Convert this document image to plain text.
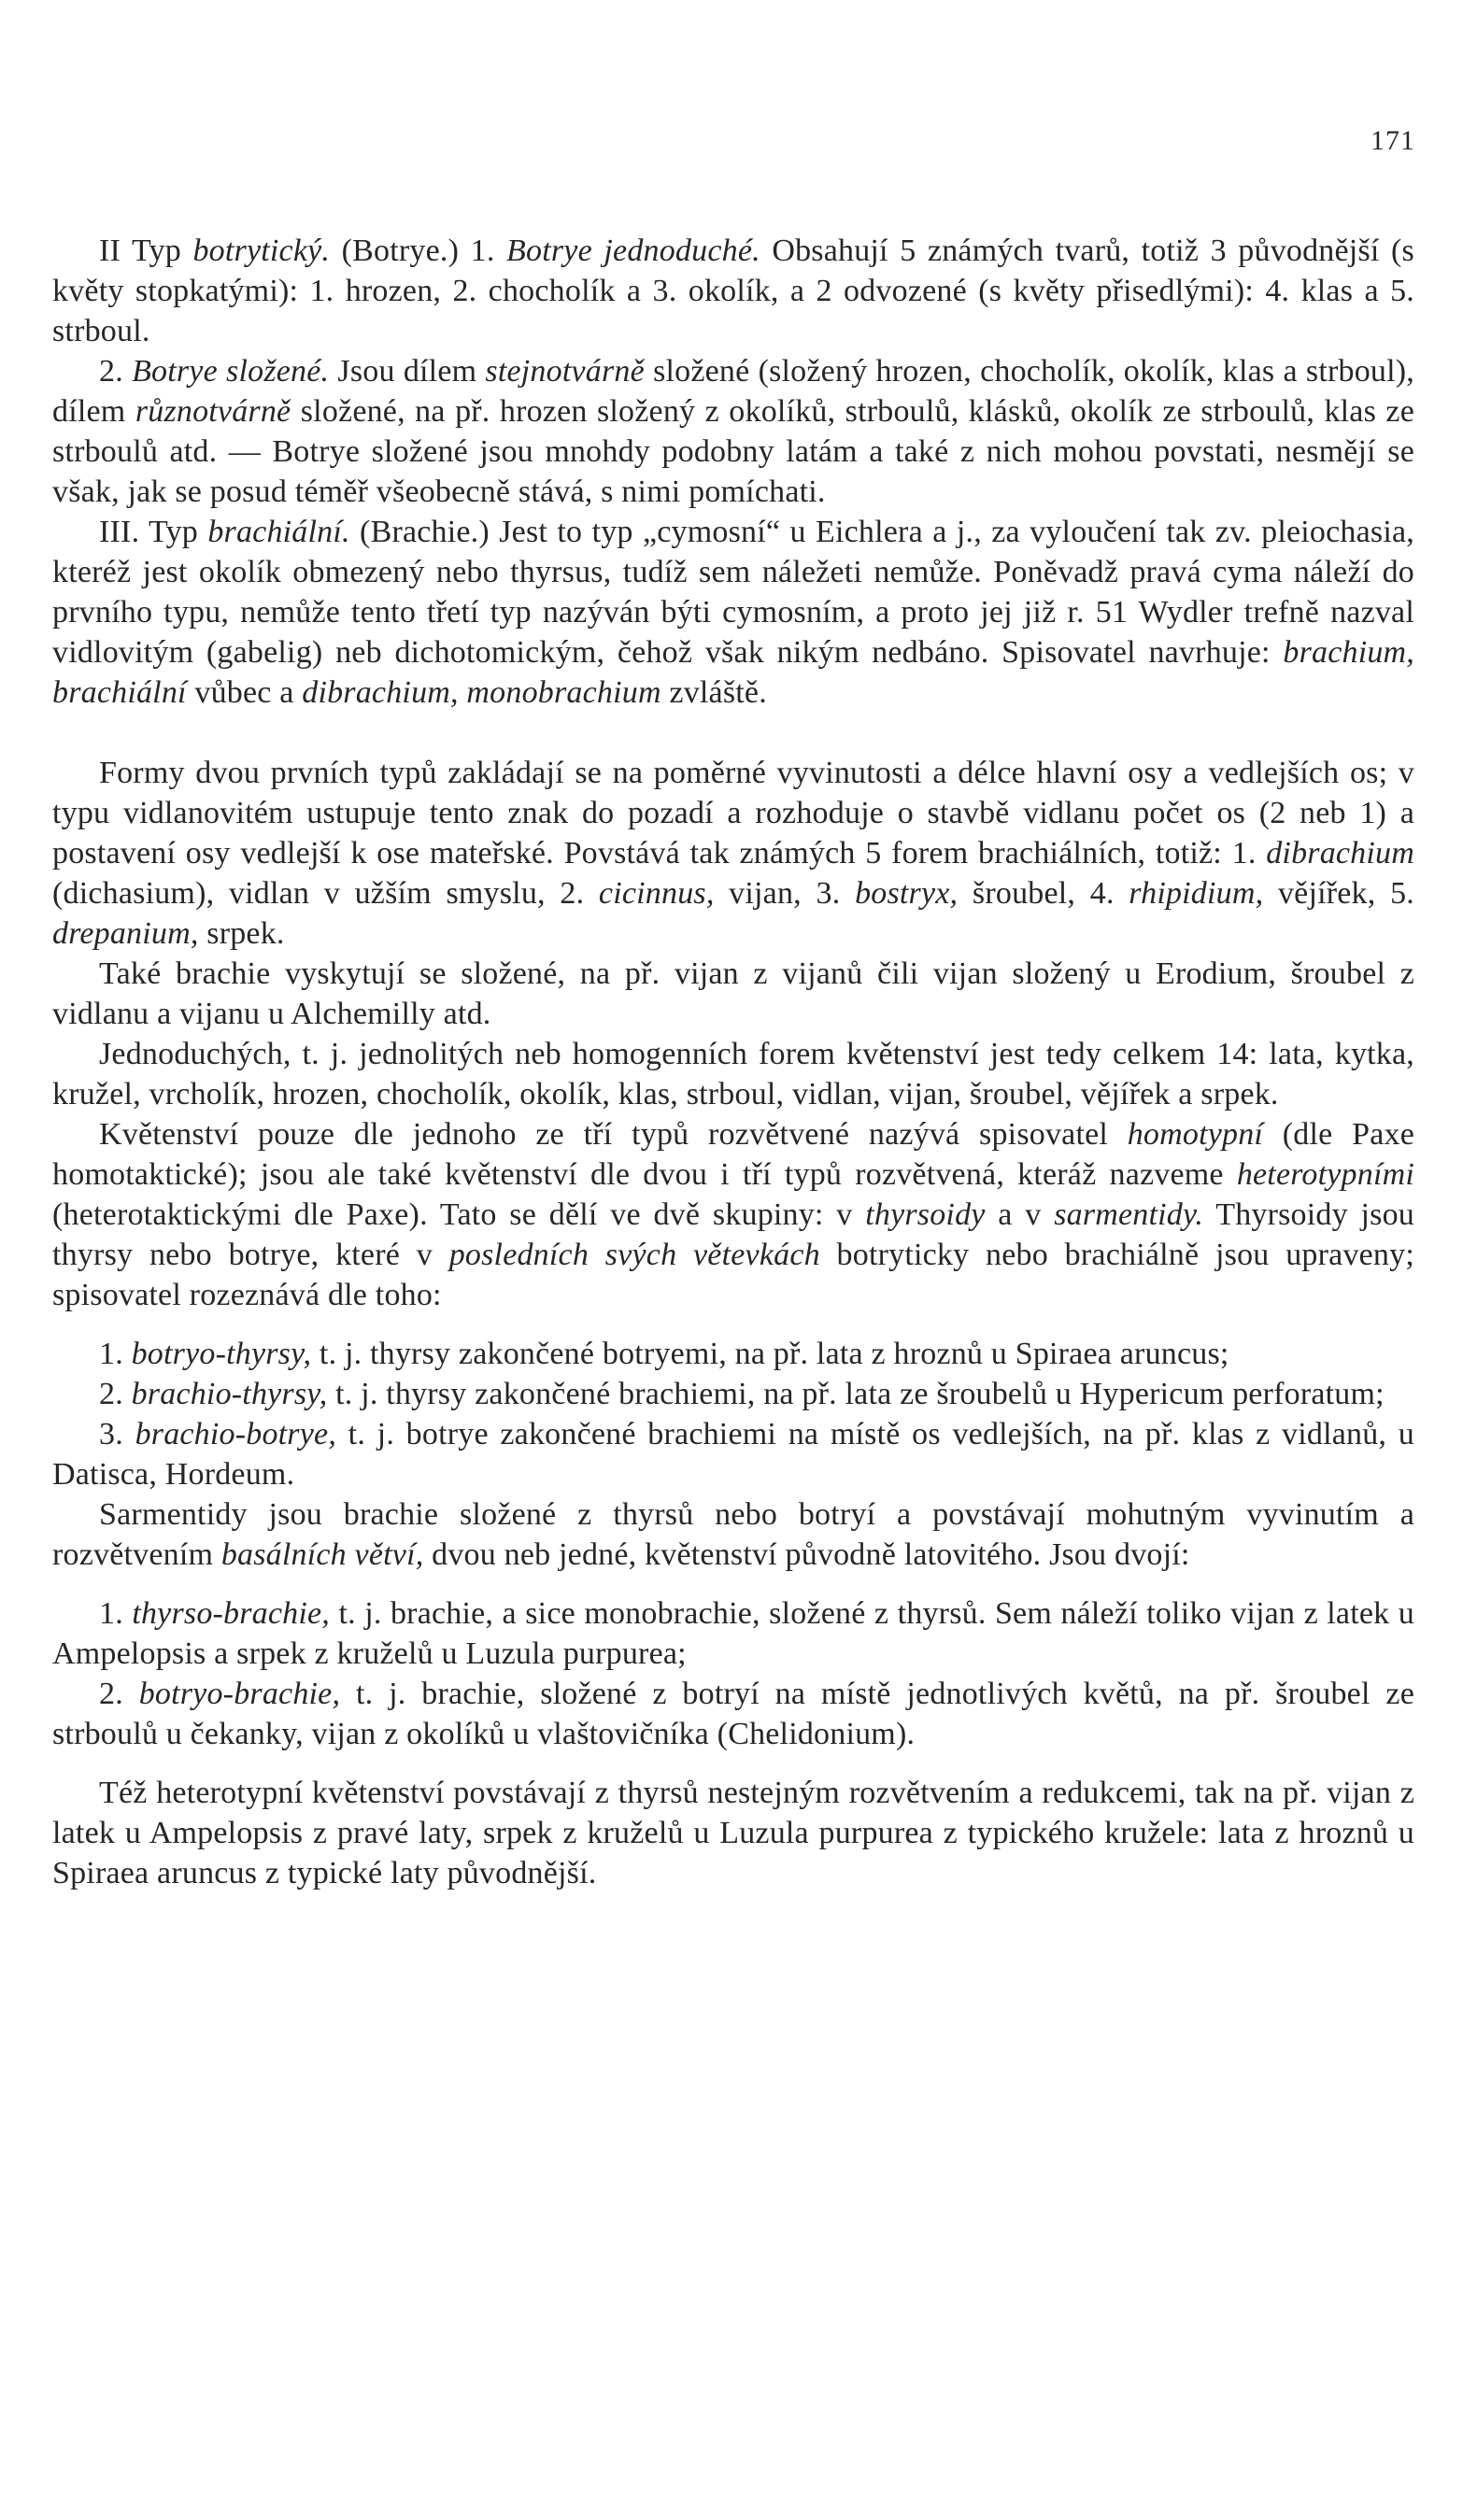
171

II Typ botrytický. (Botrye.) 1. Botrye jednoduché. Obsahují 5 známých tvarů, totiž 3 původnější (s květy stopkatými): 1. hrozen, 2. chocholík a 3. okolík, a 2 odvozené (s květy přisedlými): 4. klas a 5. strboul.

2. Botrye složené. Jsou dílem stejnotvárně složené (složený hrozen, chocholík, okolík, klas a strboul), dílem různotvárně složené, na př. hrozen složený z okolíků, strboulů, klásků, okolík ze strboulů, klas ze strboulů atd. — Botrye složené jsou mnohdy podobny latám a také z nich mohou povstati, nesmějí se však, jak se posud téměř všeobecně stává, s nimi pomíchati.

III. Typ brachiální. (Brachie.) Jest to typ „cymosní“ u Eichlera a j., za vyloučení tak zv. pleiochasia, kteréž jest okolík obmezený nebo thyrsus, tudíž sem náležeti nemůže. Poněvadž pravá cyma náleží do prvního typu, nemůže tento třetí typ nazýván býti cymosním, a proto jej již r. 51 Wydler trefně nazval vidlovitým (gabelig) neb dichotomickým, čehož však nikým nedbáno. Spisovatel navrhuje: brachium, brachiální vůbec a dibrachium, monobrachium zvláště.

Formy dvou prvních typů zakládají se na poměrné vyvinutosti a délce hlavní osy a vedlejších os; v typu vidlanovitém ustupuje tento znak do pozadí a rozhoduje o stavbě vidlanu počet os (2 neb 1) a postavení osy vedlejší k ose mateřské. Povstává tak známých 5 forem brachiálních, totiž: 1. dibrachium (dichasium), vidlan v užším smyslu, 2. cicinnus, vijan, 3. bostryx, šroubel, 4. rhipidium, vějířek, 5. drepanium, srpek.

Také brachie vyskytují se složené, na př. vijan z vijanů čili vijan složený u Erodium, šroubel z vidlanu a vijanu u Alchemilly atd.

Jednoduchých, t. j. jednolitých neb homogenních forem květenství jest tedy celkem 14: lata, kytka, kružel, vrcholík, hrozen, chocholík, okolík, klas, strboul, vidlan, vijan, šroubel, vějířek a srpek.

Květenství pouze dle jednoho ze tří typů rozvětvené nazývá spisovatel homotypní (dle Paxe homotaktické); jsou ale také květenství dle dvou i tří typů rozvětvená, kteráž nazveme heterotypními (heterotaktickými dle Paxe). Tato se dělí ve dvě skupiny: v thyrsoidy a v sarmentidy. Thyrsoidy jsou thyrsy nebo botrye, které v posledních svých větevkách botryticky nebo brachiálně jsou upraveny; spisovatel rozeznává dle toho:

1. botryo-thyrsy, t. j. thyrsy zakončené botryemi, na př. lata z hroznů u Spiraea aruncus;

2. brachio-thyrsy, t. j. thyrsy zakončené brachiemi, na př. lata ze šroubelů u Hypericum perforatum;

3. brachio-botrye, t. j. botrye zakončené brachiemi na místě os vedlejších, na př. klas z vidlanů, u Datisca, Hordeum.

Sarmentidy jsou brachie složené z thyrsů nebo botryí a povstávají mohutným vyvinutím a rozvětvením basálních větví, dvou neb jedné, květenství původně latovitého. Jsou dvojí:

1. thyrso-brachie, t. j. brachie, a sice monobrachie, složené z thyrsů. Sem náleží toliko vijan z latek u Ampelopsis a srpek z kruželů u Luzula purpurea;

2. botryo-brachie, t. j. brachie, složené z botryí na místě jednotlivých květů, na př. šroubel ze strboulů u čekanky, vijan z okolíků u vlaštovičníka (Chelidonium).

Též heterotypní květenství povstávají z thyrsů nestejným rozvětvením a redukcemi, tak na př. vijan z latek u Ampelopsis z pravé laty, srpek z kruželů u Luzula purpurea z typického kružele: lata z hroznů u Spiraea aruncus z typické laty původnější.
